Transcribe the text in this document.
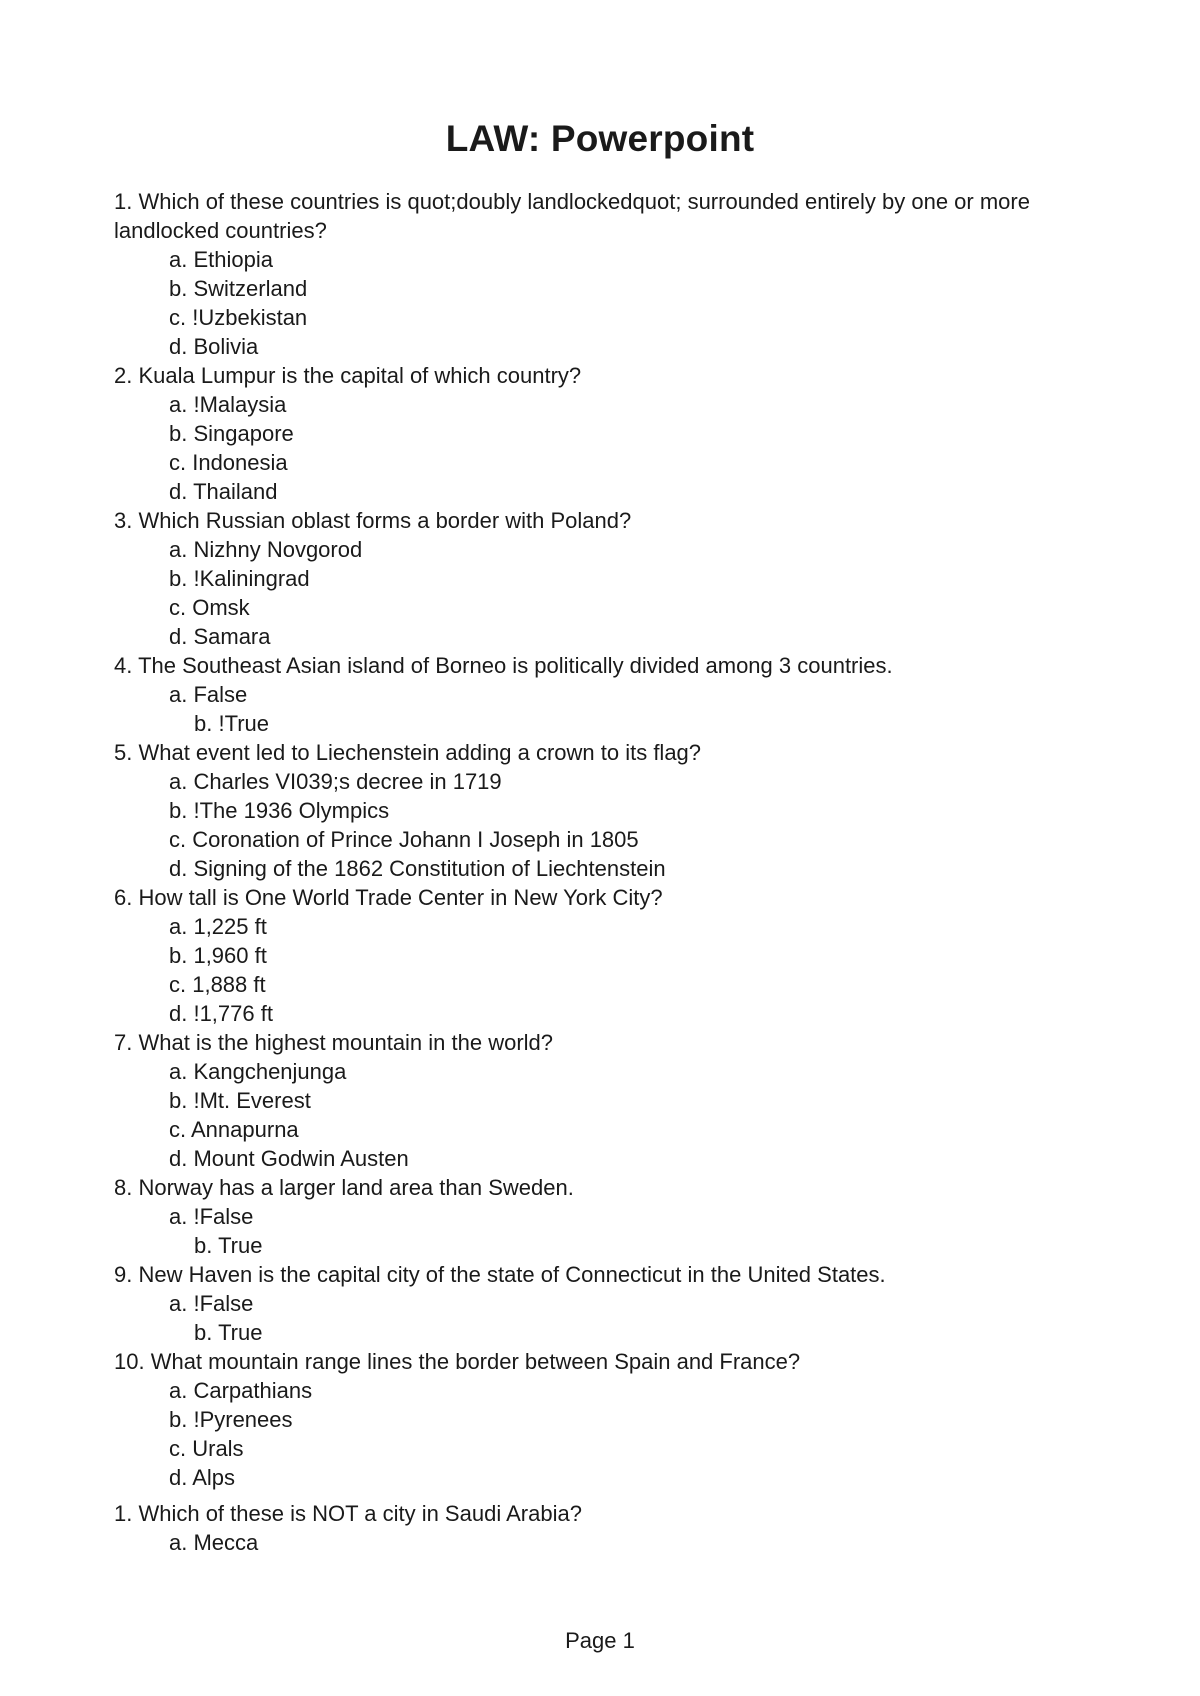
LAW: Powerpoint

1. Which of these countries is quot;doubly landlockedquot; surrounded entirely by one or more landlocked countries?

a. Ethiopia

b. Switzerland

c. !Uzbekistan

d. Bolivia

2. Kuala Lumpur is the capital of which country?

a. !Malaysia

b. Singapore

c. Indonesia

d. Thailand

3. Which Russian oblast forms a border with Poland?

a. Nizhny Novgorod

b. !Kaliningrad

c. Omsk

d. Samara

4. The Southeast Asian island of Borneo is politically divided among 3 countries.

a. False

b. !True

5. What event led to Liechenstein adding a crown to its flag?

a. Charles VI039;s decree in 1719

b. !The 1936 Olympics

c. Coronation of Prince Johann I Joseph in 1805

d. Signing of the 1862 Constitution of Liechtenstein

6. How tall is One World Trade Center in New York City?

a. 1,225 ft

b. 1,960 ft

c. 1,888 ft

d. !1,776 ft

7. What is the highest mountain in the world?

a. Kangchenjunga

b. !Mt. Everest

c. Annapurna

d. Mount Godwin Austen

8. Norway has a larger land area than Sweden.

a. !False

b. True

9. New Haven is the capital city of the state of Connecticut in the United States.

a. !False

b. True

10. What mountain range lines the border between Spain and France?

a. Carpathians

b. !Pyrenees

c. Urals

d. Alps

1. Which of these is NOT a city in Saudi Arabia?

a. Mecca

Page 1
